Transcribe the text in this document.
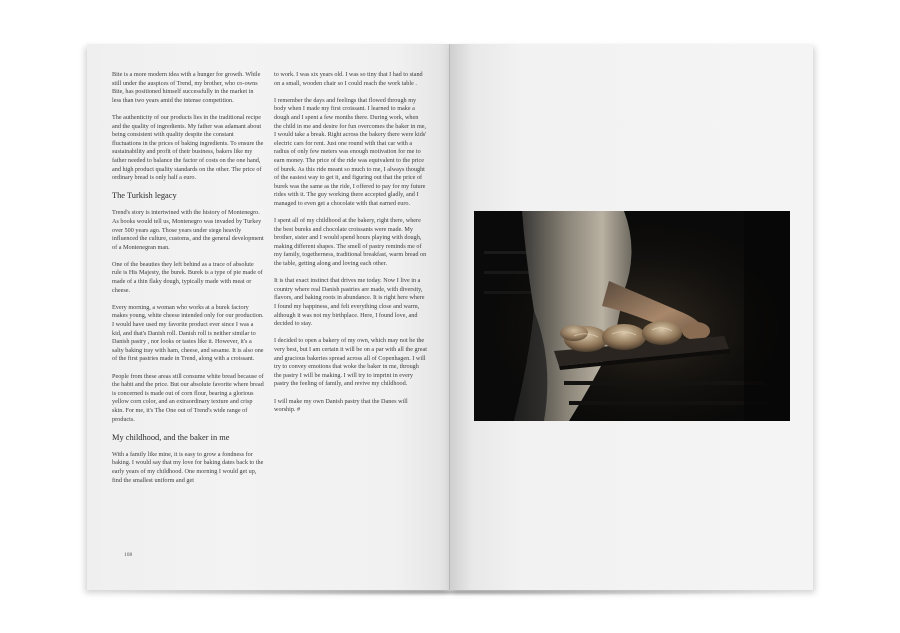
Bite is a more modern idea with a hunger for growth. While still under the auspices of Trend, my brother, who co-owns Bite, has positioned himself successfully in the market in less than two years amid the intense competition.

The authenticity of our products lies in the traditional recipe and the quality of ingredients. My father was adamant about being consistent with quality despite the constant fluctuations in the prices of baking ingredients. To ensure the sustainability and profit of their business, bakers like my father needed to balance the factor of costs on the one hand, and high product quality standards on the other. The price of ordinary bread is only half a euro.

The Turkish legacy

Trend's story is intertwined with the history of Montenegro. As books would tell us, Montenegro was invaded by Turkey over 500 years ago. Those years under siege heavily influenced the culture, customs, and the general development of a Montenegran man.

One of the beauties they left behind as a trace of absolute rule is His Majesty, the burek. Burek is a type of pie made of made of a thin flaky dough, typically made with meat or cheese.

Every morning, a woman who works at a burek factory makes young, white cheese intended only for our production. I would have used my favorite product ever since I was a kid, and that's Danish roll. Danish roll is neither similar to Danish pastry , nor looks or tastes like it. However, it's a salty baking tray with ham, cheese, and sesame. It is also one of the first pastries made in Trend, along with a croissant.

People from these areas still consume white bread because of the habit and the price. But our absolute favorite where bread is concerned is made out of corn flour, bearing a glorious yellow corn color, and an extraordinary texture and crisp skin. For me, it's The One out of Trend's wide range of products.

My childhood, and the baker in me

With a family like mine, it is easy to grow a fondness for baking. I would say that my love for baking dates back to the early years of my childhood. One morning I would get up, find the smallest uniform and get

to work. I was six years old. I was so tiny that I had to stand on a small, wooden chair so I could reach the work table .

I remember the days and feelings that flowed through my body when I made my first croissant. I learned to make a dough and I spent a few months there. During work, when the child in me and desire for fun overcomes the baker in me, I would take a break. Right across the bakery there were kids' electric cars for rent. Just one round with that car with a radius of only few meters was enough motivation for me to earn money. The price of the ride was equivalent to the price of burek. As this ride meant so much to me, I always thought of the easiest way to get it, and figuring out that the price of burek was the same as the ride, I offered to pay for my future rides with it. The guy working there accepted gladly, and I managed to even get a chocolate with that earned euro.

I spent all of my childhood at the bakery, right there, where the best bureks and chocolate croissants were made. My brother, sister and I would spend hours playing with dough, making different shapes. The smell of pastry reminds me of my family, togetherness, traditional breakfast, warm bread on the table, getting along and loving each other.

It is that exact instinct that drives me today. Now I live in a country where real Danish pastries are made, with diversity, flavors, and baking roots in abundance. It is right here where I found my happiness, and felt everything close and warm, although it was not my birthplace. Here, I found love, and decided to stay.

I decided to open a bakery of my own, which may not be the very best, but I am certain it will be on a par with all the great and gracious bakeries spread across all of Copenhagen. I will try to convey emotions that woke the baker in me, through the pastry I will be making. I will try to imprint in every pastry the feeling of family, and revive my childhood.

I will make my own Danish pastry that the Danes will worship. #

108
